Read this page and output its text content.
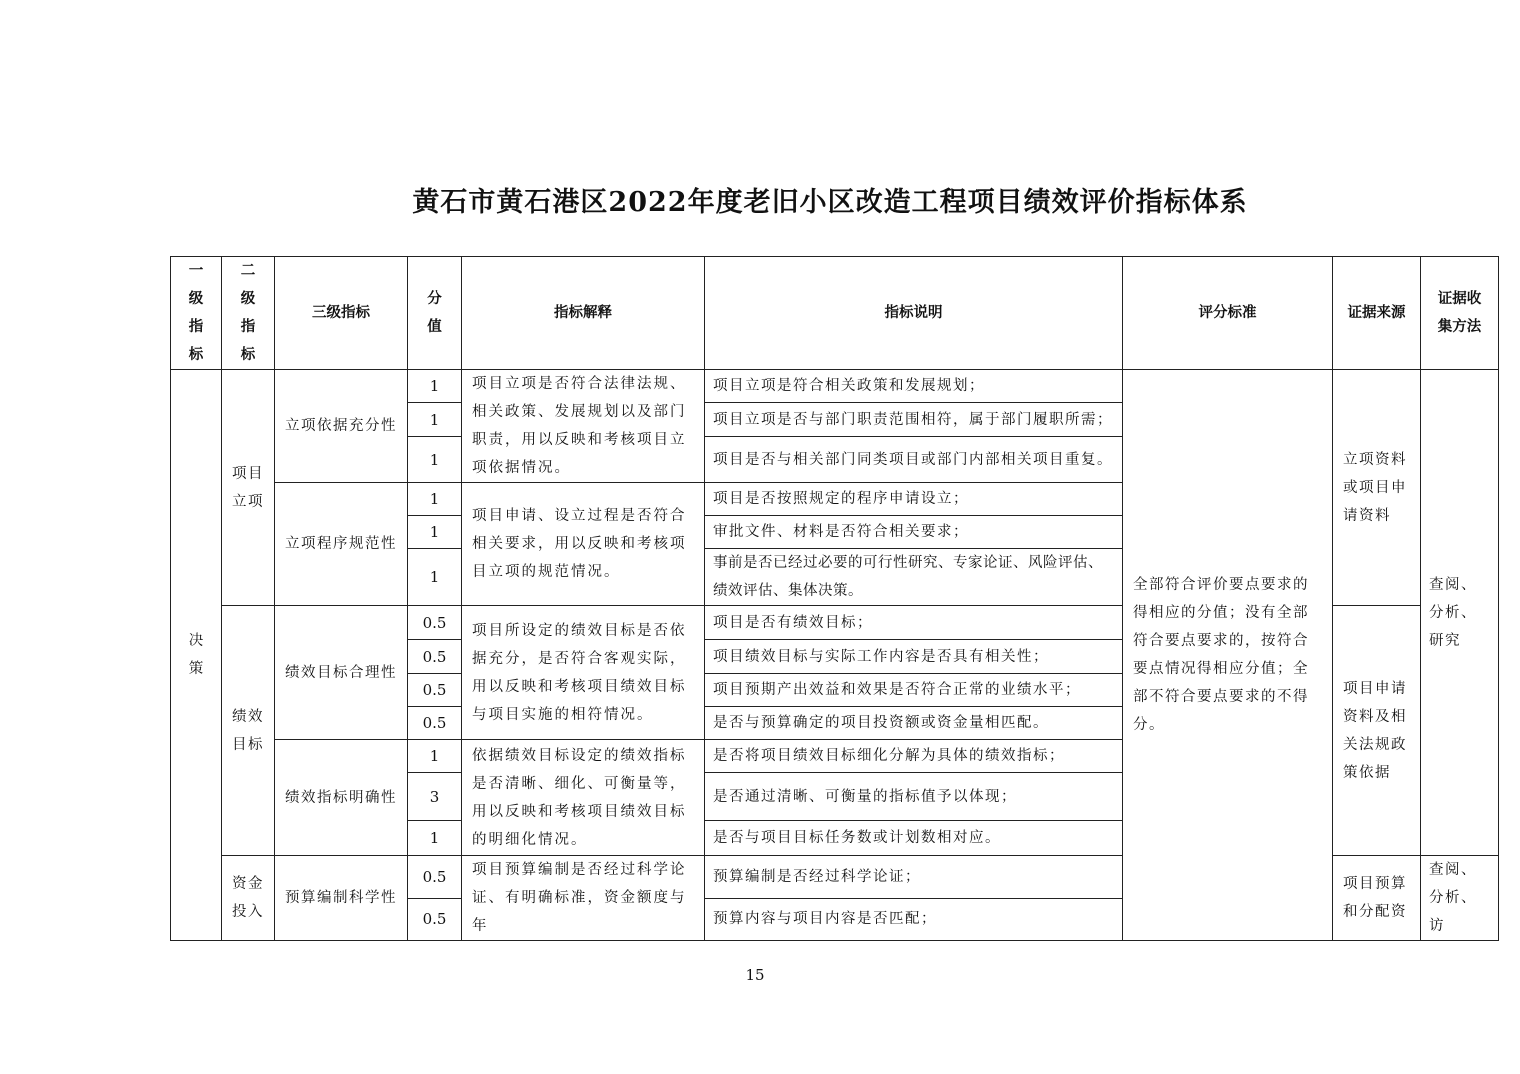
黄石市黄石港区2022年度老旧小区改造工程项目绩效评价指标体系
一级指标	二级指标	三级指标	分值	指标解释	指标说明	评分标准	证据来源	证据收集方法
决策	项目立项	立项依据充分性	1	项目立项是否符合法律法规、相关政策、发展规划以及部门职责，用以反映和考核项目立项依据情况。	项目立项是符合相关政策和发展规划；	全部符合评价要点要求的得相应的分值；没有全部符合要点要求的，按符合要点情况得相应分值；全部不符合要点要求的不得分。	立项资料或项目申请资料	查阅、分析、研究
			1		项目立项是否与部门职责范围相符，属于部门履职所需；			
			1		项目是否与相关部门同类项目或部门内部相关项目重复。			
		立项程序规范性	1	项目申请、设立过程是否符合相关要求，用以反映和考核项目立项的规范情况。	项目是否按照规定的程序申请设立；			
			1		审批文件、材料是否符合相关要求；			
			1		事前是否已经过必要的可行性研究、专家论证、风险评估、绩效评估、集体决策。			
	绩效目标	绩效目标合理性	0.5	项目所设定的绩效目标是否依据充分，是否符合客观实际，用以反映和考核项目绩效目标与项目实施的相符情况。	项目是否有绩效目标；		项目申请资料及相关法规政策依据	
			0.5		项目绩效目标与实际工作内容是否具有相关性；			
			0.5		项目预期产出效益和效果是否符合正常的业绩水平；			
			0.5		是否与预算确定的项目投资额或资金量相匹配。			
		绩效指标明确性	1	依据绩效目标设定的绩效指标是否清晰、细化、可衡量等，用以反映和考核项目绩效目标的明细化情况。	是否将项目绩效目标细化分解为具体的绩效指标；			
			3		是否通过清晰、可衡量的指标值予以体现；			
			1		是否与项目目标任务数或计划数相对应。			
	资金投入	预算编制科学性	0.5	项目预算编制是否经过科学论证、有明确标准，资金额度与年	预算编制是否经过科学论证；		项目预算和分配资	查阅、分析、访
			0.5		预算内容与项目内容是否匹配；			
15
